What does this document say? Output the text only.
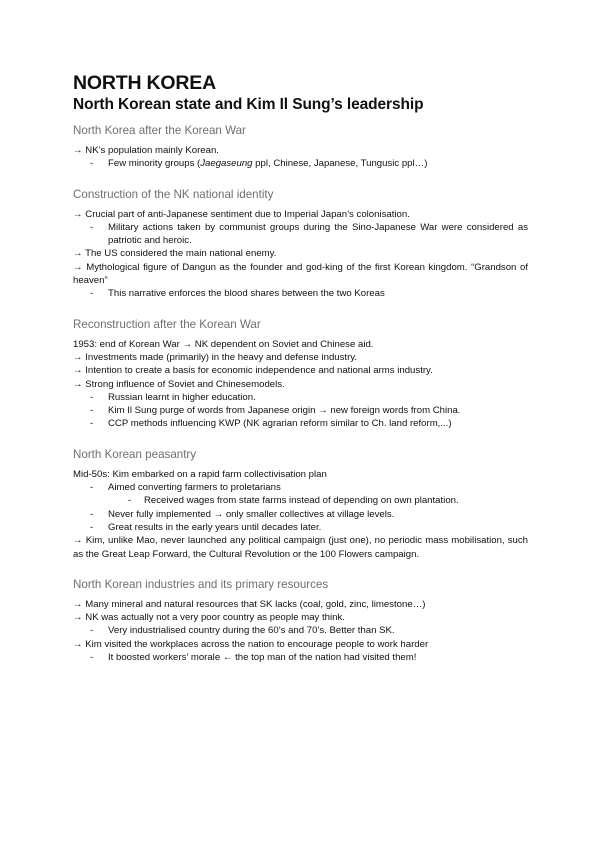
NORTH KOREA
North Korean state and Kim Il Sung’s leadership
North Korea after the Korean War
→ NK’s population mainly Korean.
- Few minority groups (Jaegaseung ppl, Chinese, Japanese, Tungusic ppl…)
Construction of the NK national identity
→ Crucial part of anti-Japanese sentiment due to Imperial Japan’s colonisation.
- Military actions taken by communist groups during the Sino-Japanese War were considered as patriotic and heroic.
→ The US considered the main national enemy.
→ Mythological figure of Dangun as the founder and god-king of the first Korean kingdom. “Grandson of heaven”
- This narrative enforces the blood shares between the two Koreas
Reconstruction after the Korean War
1953: end of Korean War → NK dependent on Soviet and Chinese aid.
→ Investments made (primarily) in the heavy and defense industry.
→ Intention to create a basis for economic independence and national arms industry.
→ Strong influence of Soviet and Chinesemodels.
- Russian learnt in higher education.
- Kim Il Sung purge of words from Japanese origin → new foreign words from China.
- CCP methods influencing KWP (NK agrarian reform similar to Ch. land reform,...)
North Korean peasantry
Mid-50s: Kim embarked on a rapid farm collectivisation plan
- Aimed converting farmers to proletarians
- Received wages from state farms instead of depending on own plantation.
- Never fully implemented → only smaller collectives at village levels.
- Great results in the early years until decades later.
→ Kim, unlike Mao, never launched any political campaign (just one), no periodic mass mobilisation, such as the Great Leap Forward, the Cultural Revolution or the 100 Flowers campaign.
North Korean industries and its primary resources
→ Many mineral and natural resources that SK lacks (coal, gold, zinc, limestone…)
→ NK was actually not a very poor country as people may think.
- Very industrialised country during the 60’s and 70’s. Better than SK.
→ Kim visited the workplaces across the nation to encourage people to work harder
- It boosted workers’ morale ← the top man of the nation had visited them!
